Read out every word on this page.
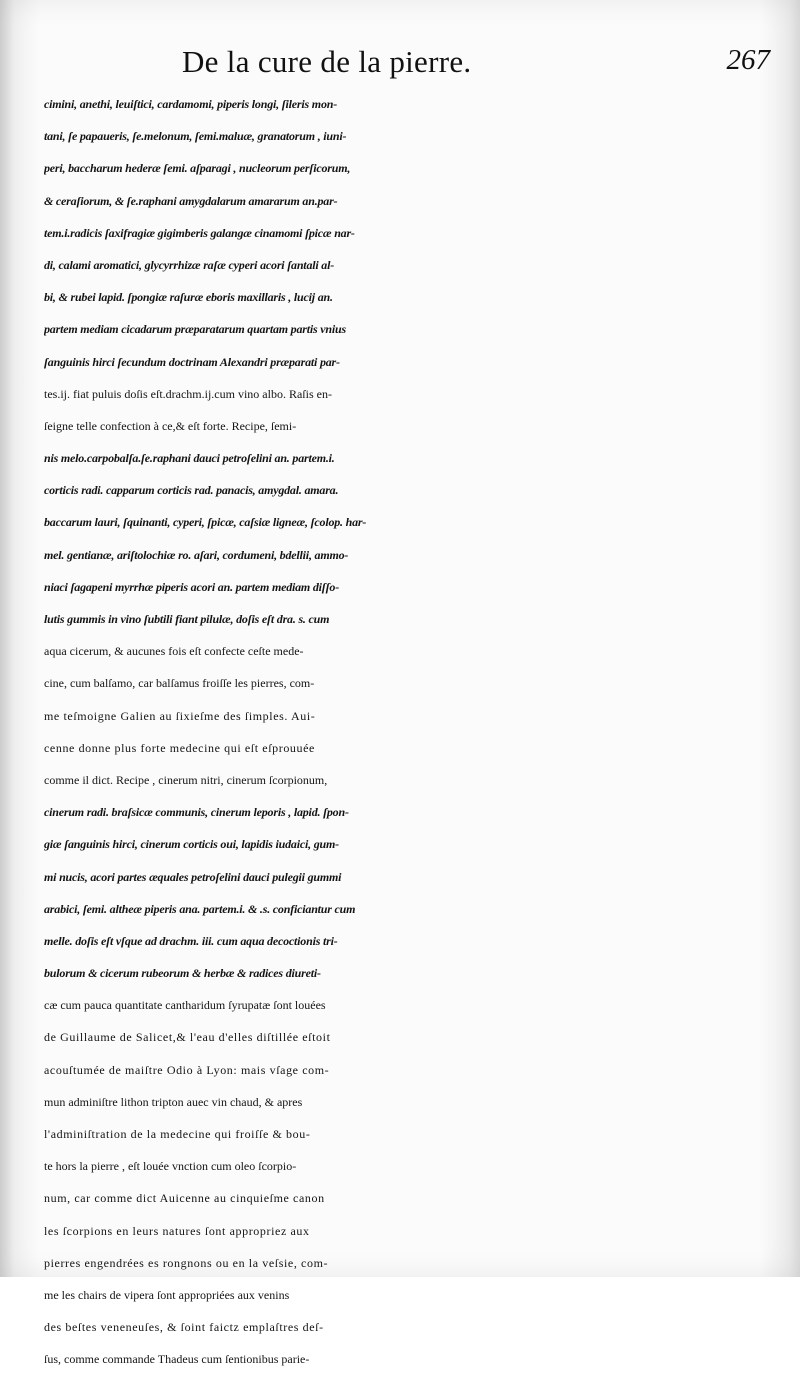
De la cure de la pierre.	267
cimini, anethi, leuiſtici, cardamomi, piperis longi, ſileris mon-
tani, ſe papaueris, ſe.melonum, ſemi.maluæ, granatorum , iuni-
peri, baccharum hederæ ſemi. aſparagi , nucleorum perſicorum,
& ceraſiorum, & ſe.raphani amygdalarum amararum an.par-
tem.i.radicis ſaxifragiæ gigimberis galangæ cinamomi ſpicæ nar-
di, calami aromatici, glycyrrhizæ raſæ cyperi acori ſantali al-
bi, & rubei lapid. ſpongiæ raſuræ eboris maxillaris , lucij an.
partem mediam cicadarum præparatarum quartam partis vnius
ſanguinis hirci ſecundum doctrinam Alexandri præparati par-
tes.ij. fiat puluis doſis eſt.drachm.ij.cum vino albo. Raſis en-
ſeigne telle confection à ce,& eſt forte. Recipe, ſemi-
nis melo.carpobalſa.ſe.raphani dauci petroſelini an. partem.i.
corticis radi. capparum corticis rad. panacis, amygdal. amara.
baccarum lauri, ſquinanti, cyperi, ſpicæ, caſsiæ ligneæ, ſcolop. har-
mel. gentianæ, ariſtolochiæ ro. aſari, cordumeni, bdellii, ammo-
niaci ſagapeni myrrhæ piperis acori an. partem mediam diſſo-
lutis gummis in vino ſubtili fiant pilulæ, doſis eſt dra. s. cum
aqua cicerum, & aucunes fois eſt confecte ceſte mede-
cine, cum balſamo, car balſamus froiſſe les pierres, com-
me teſmoigne Galien au ſixieſme des ſimples. Aui-
cenne donne plus forte medecine qui eſt eſprouuée
comme il dict. Recipe , cinerum nitri, cinerum ſcorpionum,
cinerum radi. braſsicæ communis, cinerum leporis , lapid. ſpon-
giæ ſanguinis hirci, cinerum corticis oui, lapidis iudaici, gum-
mi nucis, acori partes æquales petroſelini dauci pulegii gummi
arabici, ſemi. altheæ piperis ana. partem.i. & .s. conficiantur cum
melle. doſis eſt vſque ad drachm. iii. cum aqua decoctionis tri-
bulorum & cicerum rubeorum & herbæ & radices diureti-
cæ cum pauca quantitate cantharidum ſyrupatæ ſont louées
de Guillaume de Salicet,& l'eau d'elles diſtillée eſtoit
acouſtumée de maiſtre Odio à Lyon: mais vſage com-
mun adminiſtre lithon tripton auec vin chaud, & apres
l'adminiſtration de la medecine qui froiſſe & bou-
te hors la pierre , eſt louée vnction cum oleo ſcorpio-
num, car comme dict Auicenne au cinquieſme canon
les ſcorpions en leurs natures ſont appropriez aux
pierres engendrées es rongnons ou en la veſsie, com-
me les chairs de vipera ſont appropriées aux venins
des beſtes veneneuſes, & ſoint faictz emplaſtres deſ-
ſus, comme commande Thadeus cum ſentionibus parie-
